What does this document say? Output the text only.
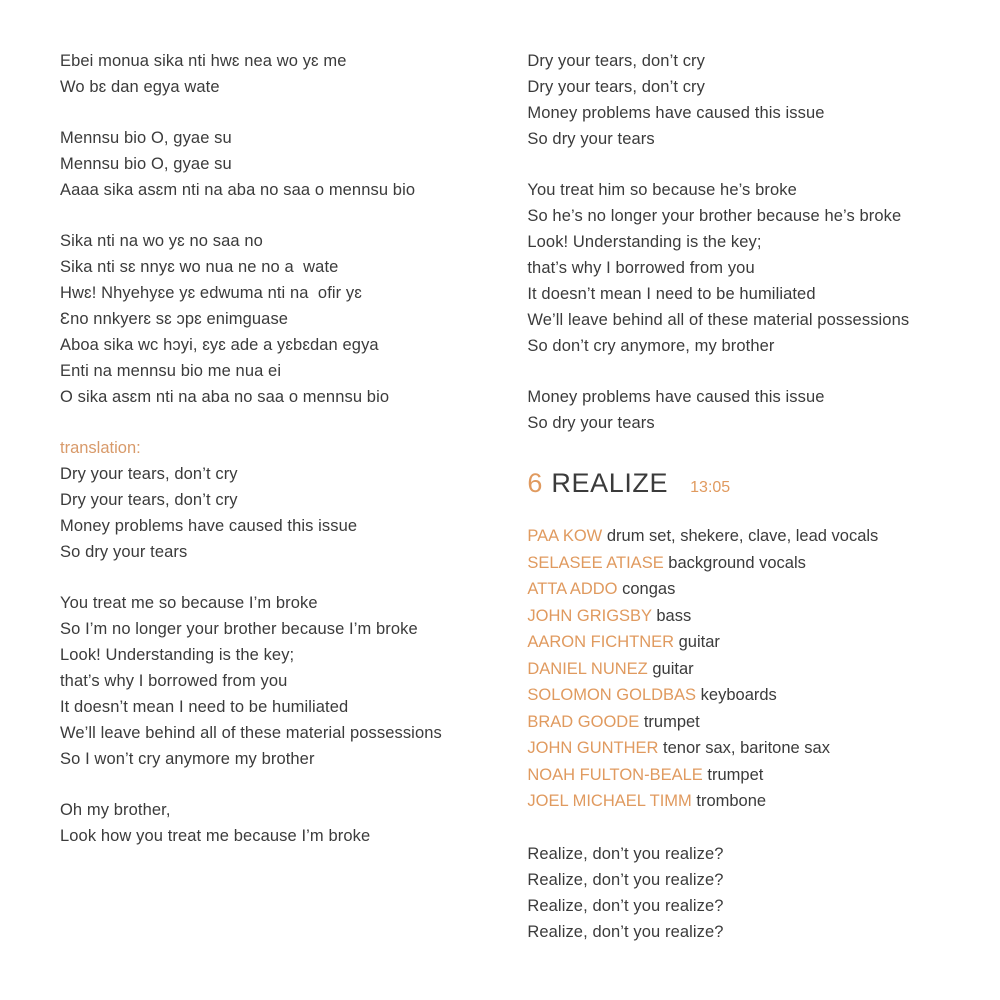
Ebei monua sika nti hwɛ nea wo yɛ me
Wo bɛ dan egya wate
Mennsu bio O, gyae su
Mennsu bio O, gyae su
Aaaa sika asɛm nti na aba no saa o mennsu bio
Sika nti na wo yɛ no saa no
Sika nti sɛ nnyɛ wo nua ne no a  wate
Hwɛ! Nhyehyɛe yɛ edwuma nti na  ofir yɛ
Ɛno nnkyerɛ sɛ ɔpɛ enimguase
Aboa sika wc hɔyi, ɛyɛ ade a yɛbɛdan egya
Enti na mennsu bio me nua ei
O sika asɛm nti na aba no saa o mennsu bio
translation:
Dry your tears, don’t cry
Dry your tears, don’t cry
Money problems have caused this issue
So dry your tears
You treat me so because I’m broke
So I’m no longer your brother because I’m broke
Look! Understanding is the key;
that’s why I borrowed from you
It doesn’t mean I need to be humiliated
We’ll leave behind all of these material possessions
So I won’t cry anymore my brother
Oh my brother,
Look how you treat me because I’m broke
Dry your tears, don’t cry
Dry your tears, don’t cry
Money problems have caused this issue
So dry your tears
You treat him so because he’s broke
So he’s no longer your brother because he’s broke
Look! Understanding is the key;
that’s why I borrowed from you
It doesn’t mean I need to be humiliated
We’ll leave behind all of these material possessions
So don’t cry anymore, my brother
Money problems have caused this issue
So dry your tears
6 REALIZE 13:05
PAA KOW drum set, shekere, clave, lead vocals
SELASEE ATIASE background vocals
ATTA ADDO congas
JOHN GRIGSBY bass
AARON FICHTNER guitar
DANIEL NUNEZ guitar
SOLOMON GOLDBAS keyboards
BRAD GOODE trumpet
JOHN GUNTHER tenor sax, baritone sax
NOAH FULTON-BEALE trumpet
JOEL MICHAEL TIMM trombone
Realize, don’t you realize?
Realize, don’t you realize?
Realize, don’t you realize?
Realize, don’t you realize?
